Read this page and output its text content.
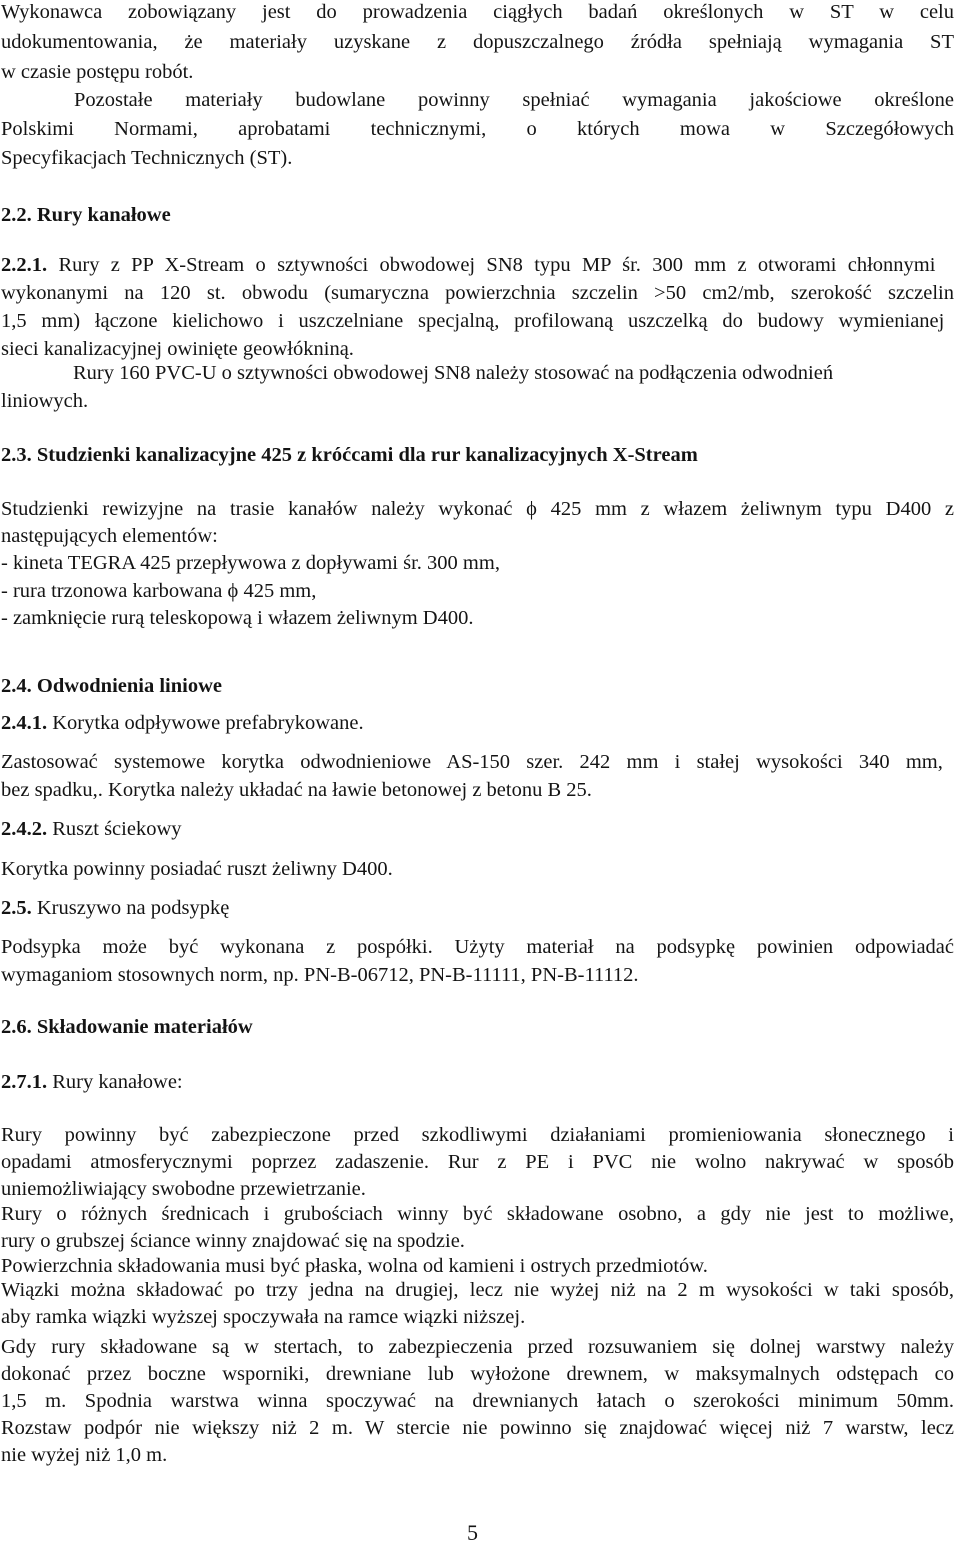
Wykonawca zobowiązany jest do prowadzenia ciągłych badań określonych w ST w celu
udokumentowania, że materiały uzyskane z dopuszczalnego źródła spełniają wymagania ST
w czasie postępu robót.
Pozostałe materiały budowlane powinny spełniać wymagania jakościowe określone
Polskimi Normami, aprobatami technicznymi, o których mowa w Szczegółowych
Specyfikacjach Technicznych (ST).
2.2. Rury kanałowe
2.2.1. Rury z PP X-Stream o sztywności obwodowej SN8 typu MP śr. 300 mm z otworami chłonnymi
wykonanymi na 120 st. obwodu (sumaryczna powierzchnia szczelin >50 cm2/mb, szerokość szczelin
1,5 mm) łączone kielichowo i uszczelniane specjalną, profilowaną uszczelką do budowy wymienianej
sieci kanalizacyjnej owinięte geowłókniną.
Rury 160 PVC-U o sztywności obwodowej SN8 należy stosować na podłączenia odwodnień
liniowych.
2.3. Studzienki kanalizacyjne 425 z króćcami dla rur kanalizacyjnych X-Stream
Studzienki rewizyjne na trasie kanałów należy wykonać ϕ 425 mm z włazem żeliwnym typu D400 z
następujących elementów:
- kineta TEGRA 425 przepływowa z dopływami śr. 300 mm,
- rura trzonowa karbowana ϕ 425 mm,
- zamknięcie rurą teleskopową i włazem żeliwnym D400.
2.4. Odwodnienia liniowe
2.4.1. Korytka odpływowe prefabrykowane.
Zastosować systemowe korytka odwodnieniowe AS-150 szer. 242 mm i stałej wysokości 340 mm,
bez spadku,. Korytka należy układać na ławie betonowej z betonu B 25.
2.4.2. Ruszt ściekowy
Korytka powinny posiadać ruszt żeliwny D400.
2.5. Kruszywo na podsypkę
Podsypka może być wykonana z pospółki. Użyty materiał na podsypkę powinien odpowiadać
wymaganiom stosownych norm, np. PN-B-06712, PN-B-11111, PN-B-11112.
2.6. Składowanie materiałów
2.7.1. Rury kanałowe:
Rury powinny być zabezpieczone przed szkodliwymi działaniami promieniowania słonecznego i
opadami atmosferycznymi poprzez zadaszenie. Rur z PE i PVC nie wolno nakrywać w sposób
uniemożliwiający swobodne przewietrzanie.
Rury o różnych średnicach i grubościach winny być składowane osobno, a gdy nie jest to możliwe,
rury o grubszej ściance winny znajdować się na spodzie.
Powierzchnia składowania musi być płaska, wolna od kamieni i ostrych przedmiotów.
Wiązki można składować po trzy jedna na drugiej, lecz nie wyżej niż na 2 m wysokości w taki sposób,
aby ramka wiązki wyższej spoczywała na ramce wiązki niższej.
Gdy rury składowane są w stertach, to zabezpieczenia przed rozsuwaniem się dolnej warstwy należy
dokonać przez boczne wsporniki, drewniane lub wyłożone drewnem, w maksymalnych odstępach co
1,5 m. Spodnia warstwa winna spoczywać na drewnianych łatach o szerokości minimum 50mm.
Rozstaw podpór nie większy niż 2 m. W stercie nie powinno się znajdować więcej niż 7 warstw, lecz
nie wyżej niż 1,0 m.
5
